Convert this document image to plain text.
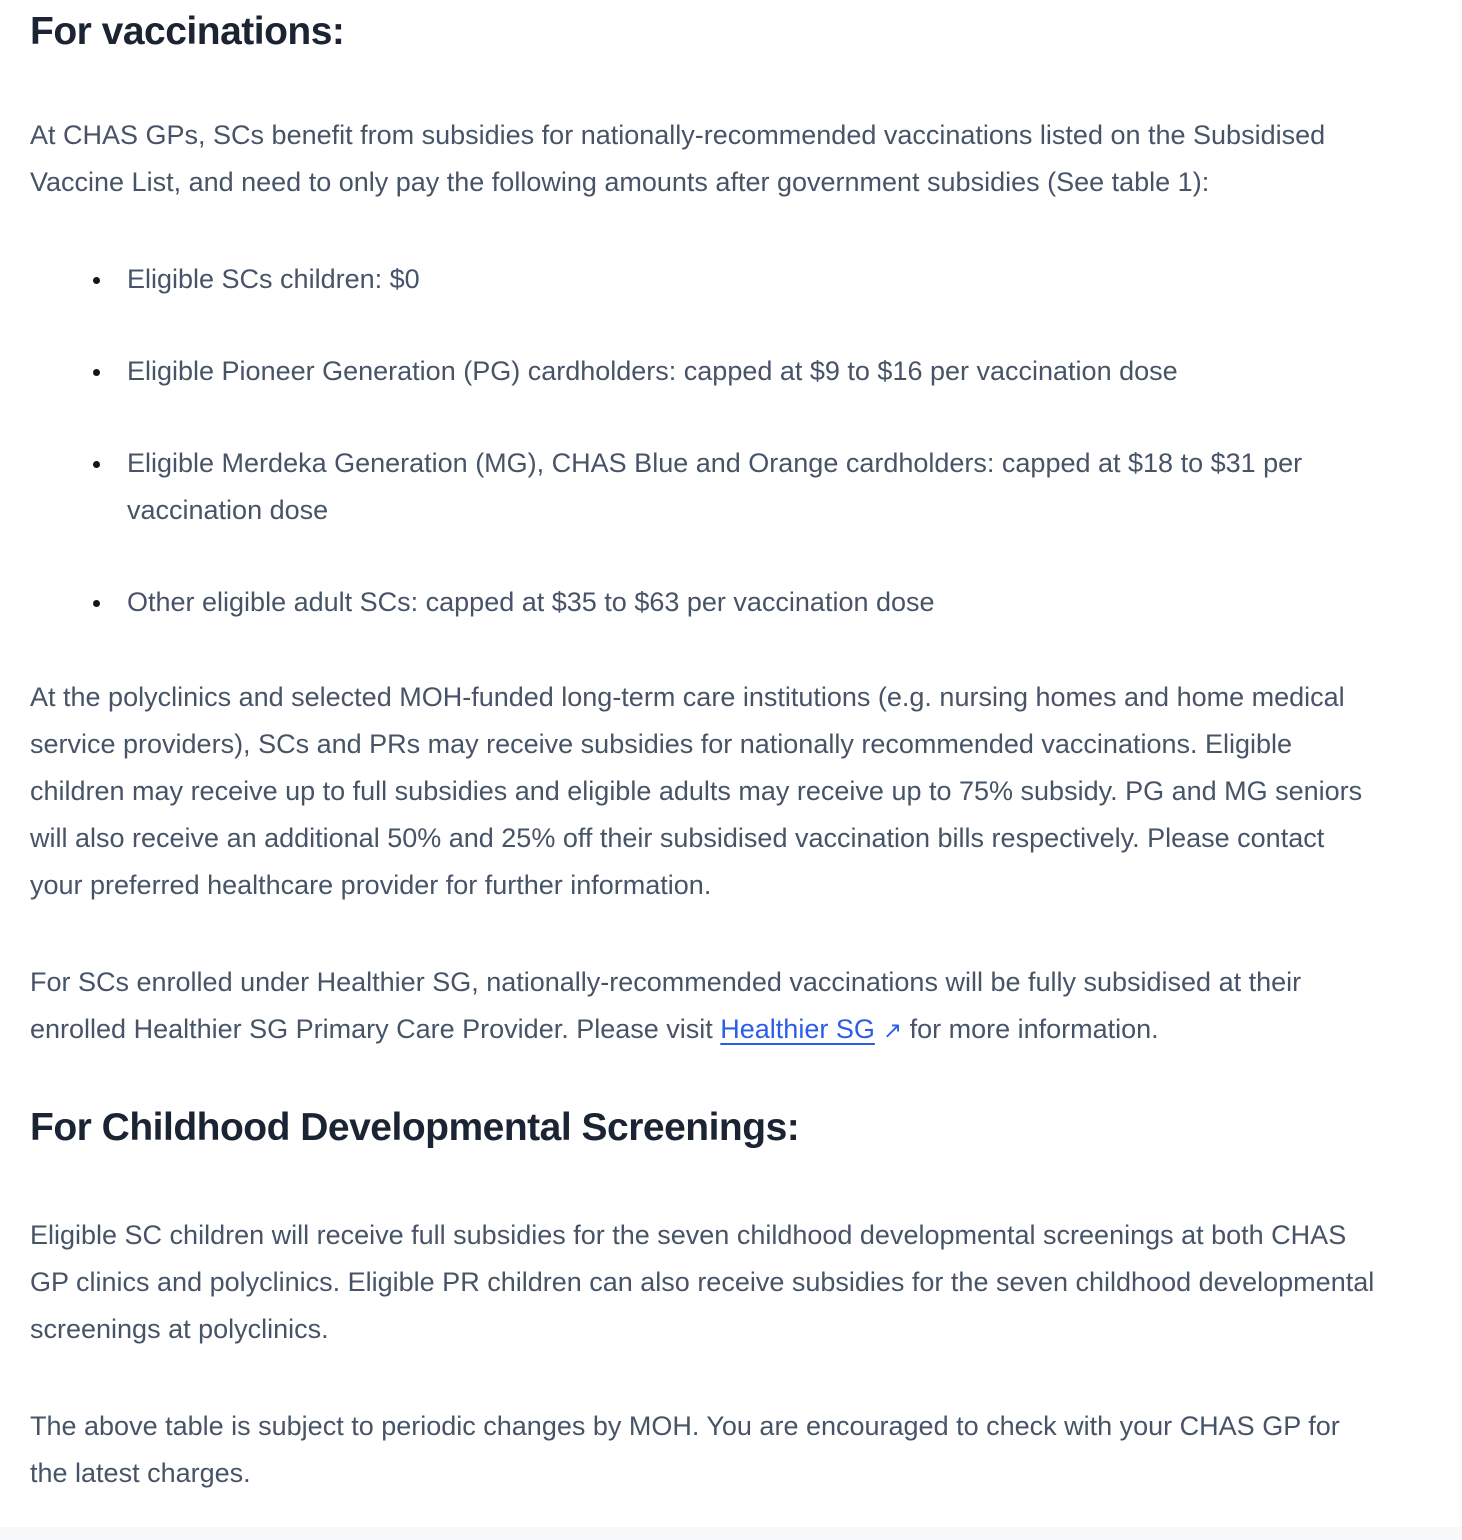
For vaccinations:

At CHAS GPs, SCs benefit from subsidies for nationally-recommended vaccinations listed on the Subsidised Vaccine List, and need to only pay the following amounts after government subsidies (See table 1):

• Eligible SCs children: $0
• Eligible Pioneer Generation (PG) cardholders: capped at $9 to $16 per vaccination dose
• Eligible Merdeka Generation (MG), CHAS Blue and Orange cardholders: capped at $18 to $31 per vaccination dose
• Other eligible adult SCs: capped at $35 to $63 per vaccination dose

At the polyclinics and selected MOH-funded long-term care institutions (e.g. nursing homes and home medical service providers), SCs and PRs may receive subsidies for nationally recommended vaccinations. Eligible children may receive up to full subsidies and eligible adults may receive up to 75% subsidy. PG and MG seniors will also receive an additional 50% and 25% off their subsidised vaccination bills respectively. Please contact your preferred healthcare provider for further information.

For SCs enrolled under Healthier SG, nationally-recommended vaccinations will be fully subsidised at their enrolled Healthier SG Primary Care Provider. Please visit Healthier SG ↗ for more information.

For Childhood Developmental Screenings:

Eligible SC children will receive full subsidies for the seven childhood developmental screenings at both CHAS GP clinics and polyclinics. Eligible PR children can also receive subsidies for the seven childhood developmental screenings at polyclinics.

The above table is subject to periodic changes by MOH. You are encouraged to check with your CHAS GP for the latest charges.
